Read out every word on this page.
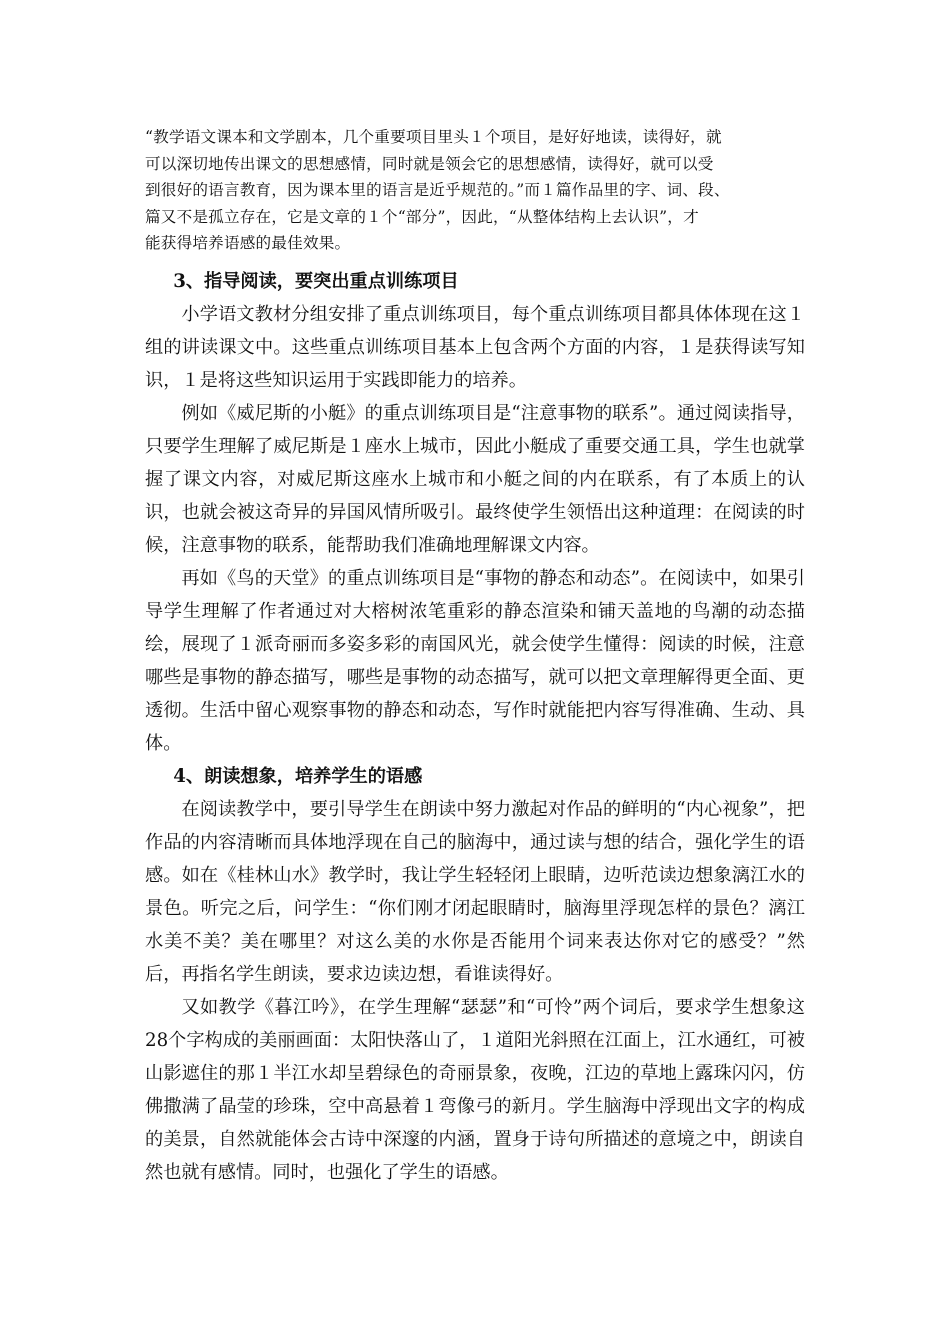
“教学语文课本和文学剧本，几个重要项目里头１个项目，是好好地读，读得好，就
可以深切地传出课文的思想感情，同时就是领会它的思想感情，读得好，就可以受
到很好的语言教育，因为课本里的语言是近乎规范的。”而１篇作品里的字、词、段、
篇又不是孤立存在，它是文章的１个“部分”，因此，“从整体结构上去认识”，才
能获得培养语感的最佳效果。
3、指导阅读，要突出重点训练项目

小学语文教材分组安排了重点训练项目，每个重点训练项目都具体体现在这１组的讲读课文中。这些重点训练项目基本上包含两个方面的内容，１是获得读写知识，１是将这些知识运用于实践即能力的培养。

例如《威尼斯的小艇》的重点训练项目是“注意事物的联系”。通过阅读指导，只要学生理解了威尼斯是１座水上城市，因此小艇成了重要交通工具，学生也就掌握了课文内容，对威尼斯这座水上城市和小艇之间的内在联系，有了本质上的认识，也就会被这奇异的异国风情所吸引。最终使学生领悟出这种道理：在阅读的时候，注意事物的联系，能帮助我们准确地理解课文内容。

再如《鸟的天堂》的重点训练项目是“事物的静态和动态”。在阅读中，如果引导学生理解了作者通过对大榕树浓笔重彩的静态渲染和铺天盖地的鸟潮的动态描绘，展现了１派奇丽而多姿多彩的南国风光，就会使学生懂得：阅读的时候，注意哪些是事物的静态描写，哪些是事物的动态描写，就可以把文章理解得更全面、更透彻。生活中留心观察事物的静态和动态，写作时就能把内容写得准确、生动、具体。

4、朗读想象，培养学生的语感

在阅读教学中，要引导学生在朗读中努力激起对作品的鲜明的“内心视象”，把作品的内容清晰而具体地浮现在自己的脑海中，通过读与想的结合，强化学生的语感。如在《桂林山水》教学时，我让学生轻轻闭上眼睛，边听范读边想象漓江水的景色。听完之后，问学生：“你们刚才闭起眼睛时，脑海里浮现怎样的景色？漓江水美不美？美在哪里？对这么美的水你是否能用个词来表达你对它的感受？”然后，再指名学生朗读，要求边读边想，看谁读得好。

又如教学《暮江吟》，在学生理解“瑟瑟”和“可怜”两个词后，要求学生想象这28个字构成的美丽画面：太阳快落山了，１道阳光斜照在江面上，江水通红，可被山影遮住的那１半江水却呈碧绿色的奇丽景象，夜晚，江边的草地上露珠闪闪，仿佛撒满了晶莹的珍珠，空中高悬着１弯像弓的新月。学生脑海中浮现出文字的构成的美景，自然就能体会古诗中深邃的内涵，置身于诗句所描述的意境之中，朗读自然也就有感情。同时，也强化了学生的语感。
